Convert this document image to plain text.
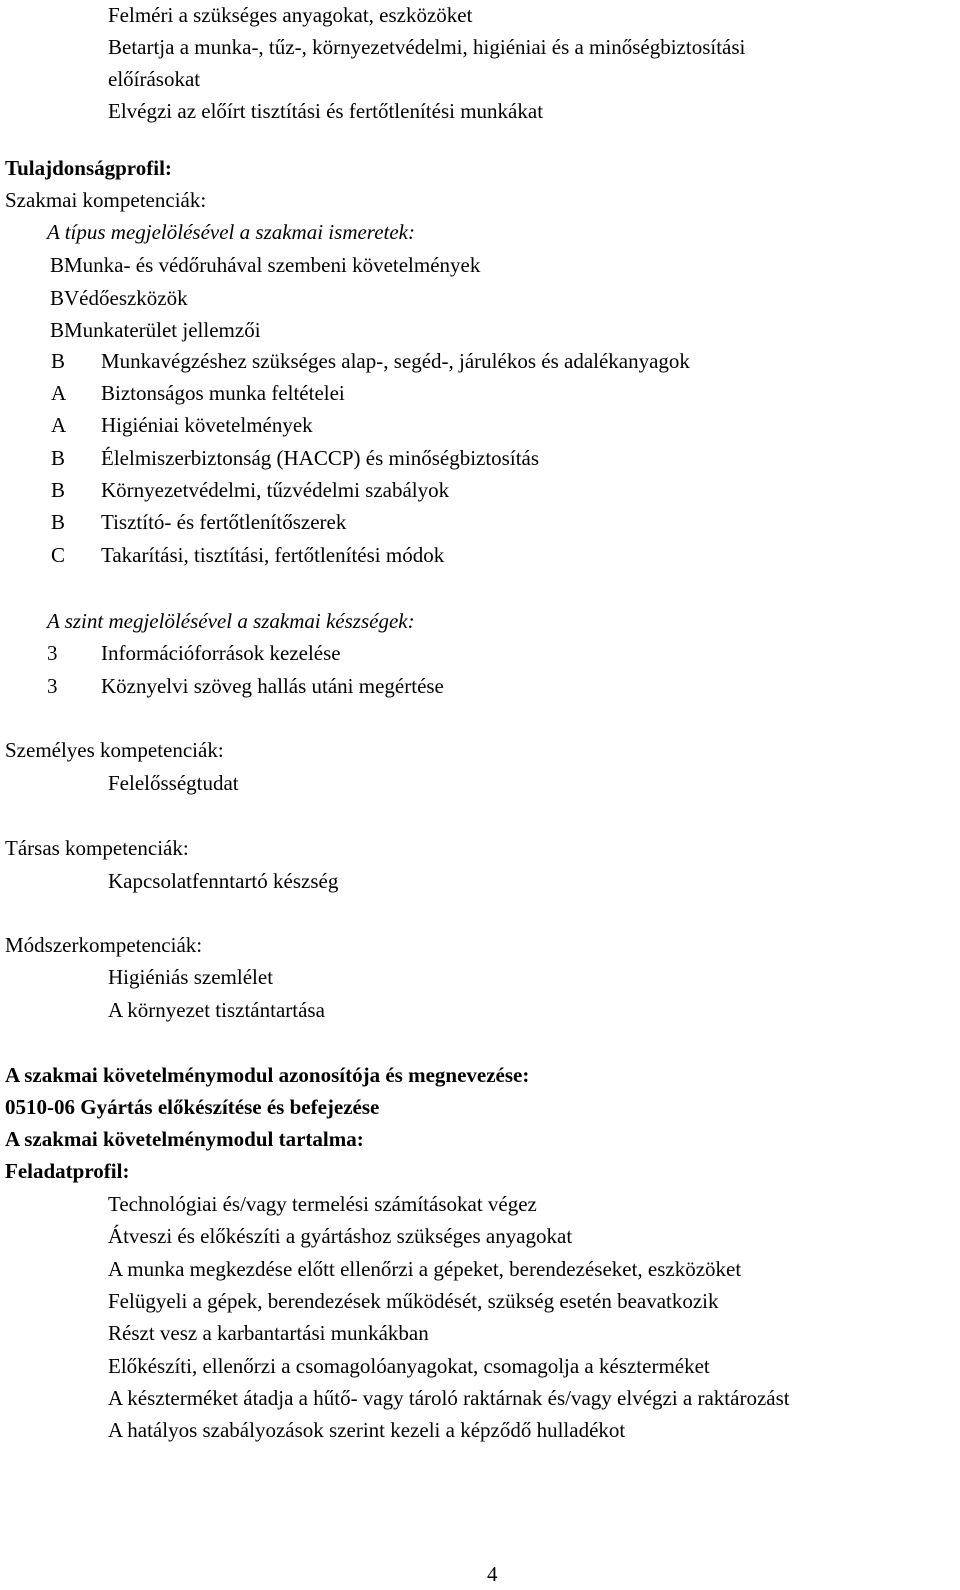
Felméri a szükséges anyagokat, eszközöket
Betartja a munka-, tűz-, környezetvédelmi, higiéniai és a minőségbiztosítási
előírásokat
Elvégzi az előírt tisztítási és fertőtlenítési munkákat
Tulajdonságprofil:
Szakmai kompetenciák:
A típus megjelölésével a szakmai ismeretek:
BMunka- és védőruhával szembeni követelmények
BVédőeszközök
BMunkaterület jellemzői
B	Munkavégzéshez szükséges alap-, segéd-, járulékos és adalékanyagok
A	Biztonságos munka feltételei
A	Higiéniai követelmények
B	Élelmiszerbiztonság (HACCP) és minőségbiztosítás
B	Környezetvédelmi, tűzvédelmi szabályok
B	Tisztító- és fertőtlenítőszerek
C	Takarítási, tisztítási, fertőtlenítési módok
A szint megjelölésével a szakmai készségek:
3	Információforrások kezelése
3	Köznyelvi szöveg hallás utáni megértése
Személyes kompetenciák:
Felelősségtudat
Társas kompetenciák:
Kapcsolatfenntartó készség
Módszerkompetenciák:
Higiéniás szemlélet
A környezet tisztántartása
A szakmai követelménymodul azonosítója és megnevezése:
0510-06 Gyártás előkészítése és befejezése
A szakmai követelménymodul tartalma:
Feladatprofil:
Technológiai és/vagy termelési számításokat végez
Átveszi és előkészíti a gyártáshoz szükséges anyagokat
A munka megkezdése előtt ellenőrzi a gépeket, berendezéseket, eszközöket
Felügyeli a gépek, berendezések működését, szükség esetén beavatkozik
Részt vesz a karbantartási munkákban
Előkészíti, ellenőrzi a csomagolóanyagokat, csomagolja a készterméket
A készterméket átadja a hűtő- vagy tároló raktárnak és/vagy elvégzi a raktározást
A hatályos szabályozások szerint kezeli a képződő hulladékot
4
